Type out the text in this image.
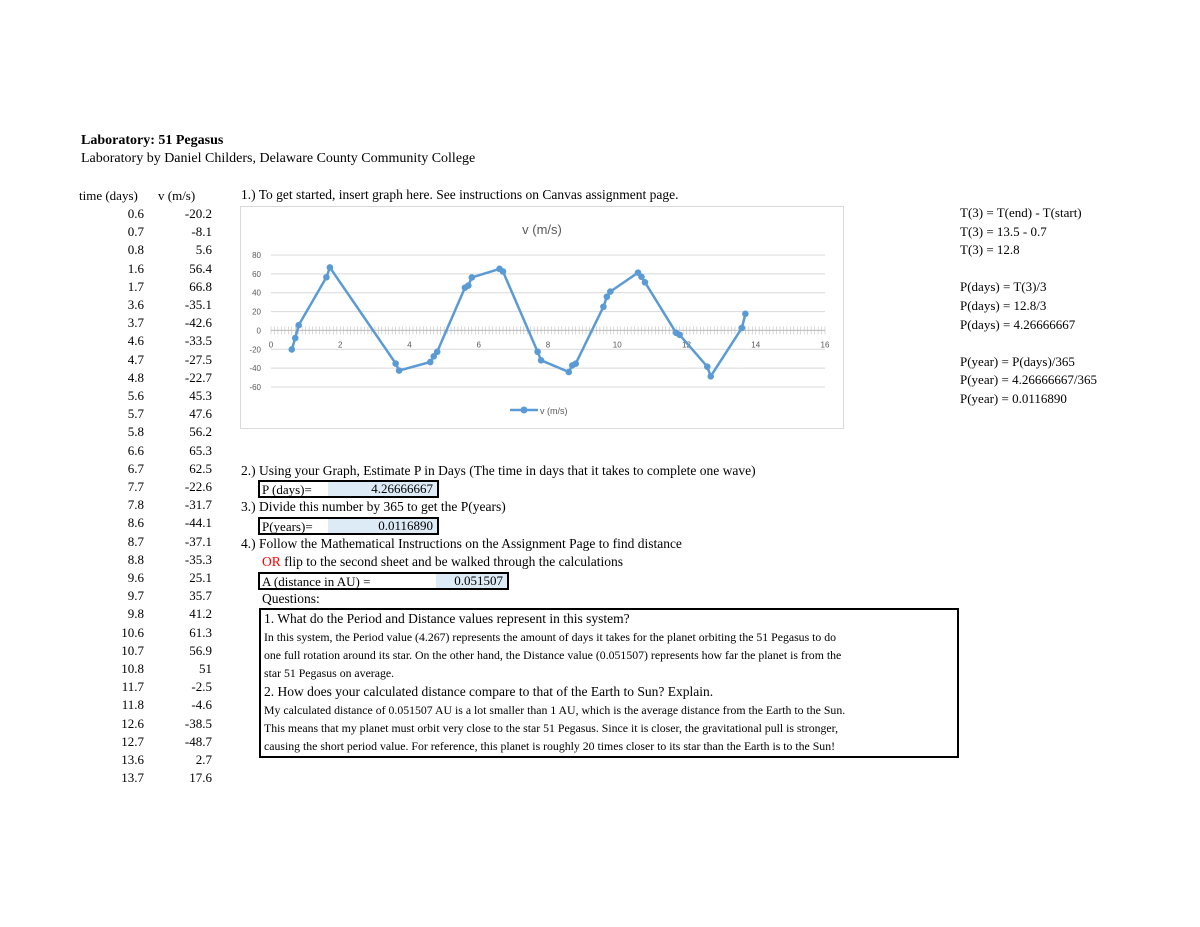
Laboratory: 51 Pegasus
Laboratory by Daniel Childers, Delaware County Community College
time (days) v (m/s)
0.6	-20.2
0.7	-8.1
0.8	5.6
1.6	56.4
1.7	66.8
3.6	-35.1
3.7	-42.6
4.6	-33.5
4.7	-27.5
4.8	-22.7
5.6	45.3
5.7	47.6
5.8	56.2
6.6	65.3
6.7	62.5
7.7	-22.6
7.8	-31.7
8.6	-44.1
8.7	-37.1
8.8	-35.3
9.6	25.1
9.7	35.7
9.8	41.2
10.6	61.3
10.7	56.9
10.8	51
11.7	-2.5
11.8	-4.6
12.6	-38.5
12.7	-48.7
13.6	2.7
13.7	17.6
1.) To get started, insert graph here. See instructions on Canvas assignment page.
v (m/s)
80
60
40
20
0
-20
-40
-60
0	2	4	6	8	10	12	14	16
v (m/s)
2.) Using your Graph, Estimate P in Days (The time in days that it takes to complete one wave)
P (days)=	4.26666667
3.) Divide this number by 365 to get the P(years)
P(years)=	0.0116890
4.) Follow the Mathematical Instructions on the Assignment Page to find distance
OR flip to the second sheet and be walked through the calculations
A (distance in AU) =	0.051507
Questions:
1. What do the Period and Distance values represent in this system?
In this system, the Period value (4.267) represents the amount of days it takes for the planet orbiting the 51 Pegasus to do
one full rotation around its star. On the other hand, the Distance value (0.051507) represents how far the planet is from the
star 51 Pegasus on average.
2. How does your calculated distance compare to that of the Earth to Sun? Explain.
My calculated distance of 0.051507 AU is a lot smaller than 1 AU, which is the average distance from the Earth to the Sun.
This means that my planet must orbit very close to the star 51 Pegasus. Since it is closer, the gravitational pull is stronger,
causing the short period value. For reference, this planet is roughly 20 times closer to its star than the Earth is to the Sun!
T(3) = T(end) - T(start)
T(3) = 13.5 - 0.7
T(3) = 12.8
P(days) = T(3)/3
P(days) = 12.8/3
P(days) = 4.26666667
P(year) = P(days)/365
P(year) = 4.26666667/365
P(year) = 0.0116890
